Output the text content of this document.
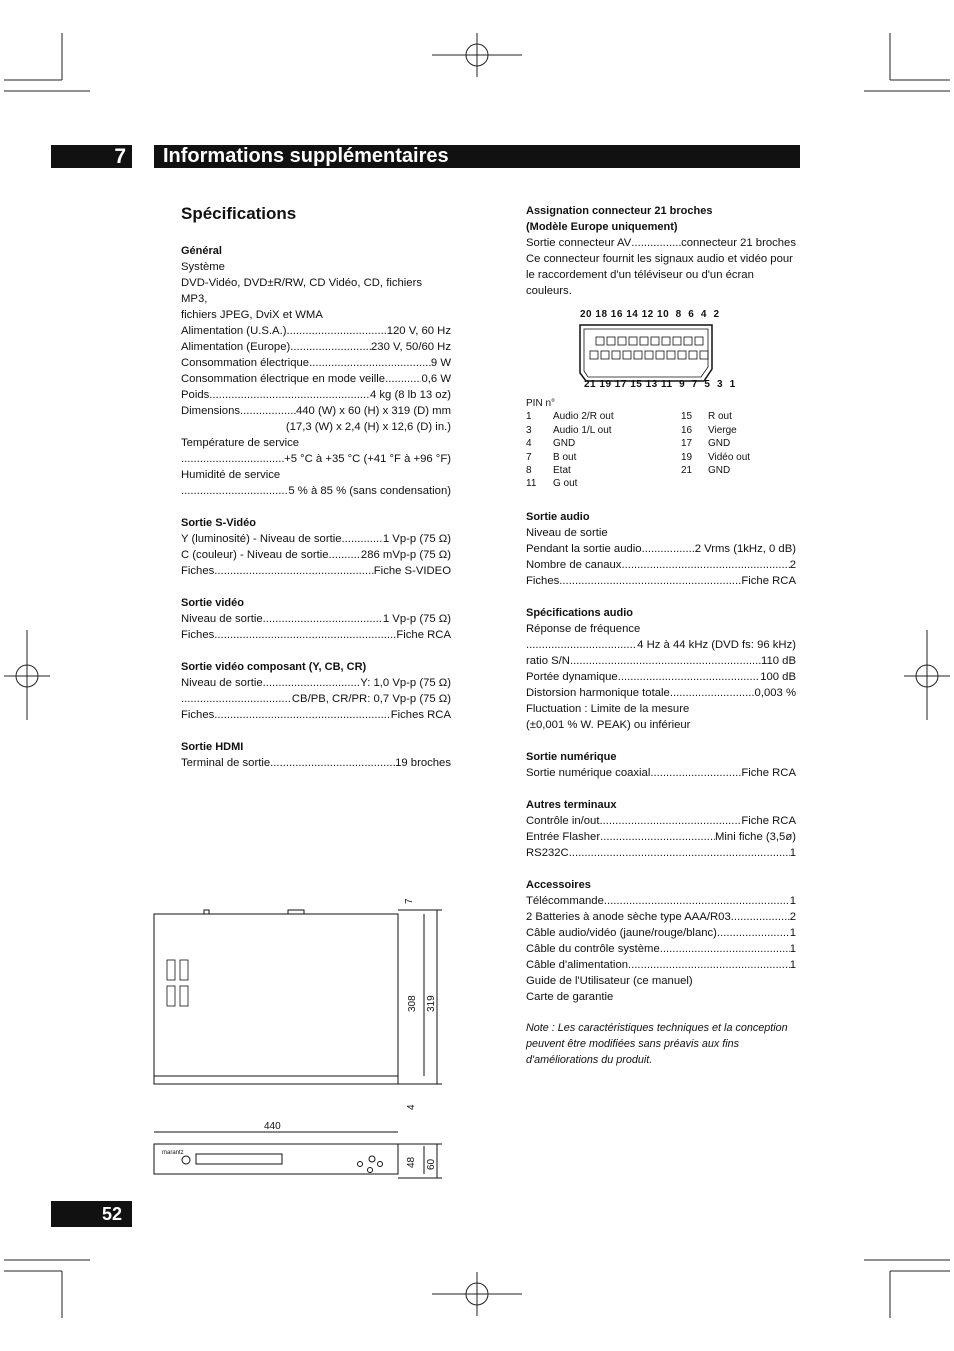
7 Informations supplémentaires
Spécifications
Général
Système
DVD-Vidéo, DVD±R/RW, CD Vidéo, CD, fichiers MP3,
fichiers JPEG, DviX et WMA
Alimentation (U.S.A.) .....	120 V, 60 Hz
Alimentation (Europe) .....	230 V, 50/60 Hz
Consommation électrique .....	9 W
Consommation électrique en mode veille .....	0,6 W
Poids .....	4 kg (8 lb 13 oz)
Dimensions .....	440 (W) x 60 (H) x 319 (D) mm
(17,3 (W) x 2,4 (H) x 12,6 (D) in.)
Température de service
.....
+5 °C à +35 °C (+41 °F à +96 °F)
Humidité de service
.....
5 % à 85 % (sans condensation)
Sortie S-Vidéo
Y (luminosité) - Niveau de sortie .....	1 Vp-p (75 Ω)
C (couleur) - Niveau de sortie .....	286 mVp-p (75 Ω)
Fiches .....	Fiche S-VIDEO
Sortie vidéo
Niveau de sortie .....	1 Vp-p (75 Ω)
Fiches .....	Fiche RCA
Sortie vidéo composant (Y, CB, CR)
Niveau de sortie .....	Y: 1,0 Vp-p (75 Ω)
.....
CB/PB, CR/PR: 0,7 Vp-p (75 Ω)
Fiches .....	Fiches RCA
Sortie HDMI
Terminal de sortie .....	19 broches
Assignation connecteur 21 broches
(Modèle Europe uniquement)
Sortie connecteur AV .....	connecteur 21 broches
Ce connecteur fournit les signaux audio et vidéo pour le raccordement d'un téléviseur ou d'un écran couleurs.
20 18 16 14 12 10  8  6  4  2
21 19 17 15 13 11  9  7  5  3  1
PIN n°
1	Audio 2/R out	15	R out
3	Audio 1/L out	16	Vierge
4	GND	17	GND
7	B out	19	Vidéo out
8	Etat	21	GND
11	G out		
Sortie audio
Niveau de sortie
Pendant la sortie audio .....	2 Vrms (1kHz, 0 dB)
Nombre de canaux .....	2
Fiches .....	Fiche RCA
Spécifications audio
Réponse de fréquence
.....
4 Hz à 44 kHz (DVD fs: 96 kHz)
ratio S/N .....	110 dB
Portée dynamique .....	100 dB
Distorsion harmonique totale .....	0,003 %
Fluctuation : Limite de la mesure
(±0,001 % W. PEAK) ou inférieur
Sortie numérique
Sortie numérique coaxial .....	Fiche RCA
Autres terminaux
Contrôle in/out .....	Fiche RCA
Entrée Flasher .....	Mini fiche (3,5ø)
RS232C .....	1
Accessoires
Télécommande .....	1
2 Batteries à anode sèche type AAA/R03 .....	2
Câble audio/vidéo (jaune/rouge/blanc) .....	1
Câble du contrôle système .....	1
Câble d'alimentation .....	1
Guide de l'Utilisateur (ce manuel)
Carte de garantie
Note : Les caractéristiques techniques et la conception peuvent être modifiées sans préavis aux fins d'améliorations du produit.
7
308 319
4
440
48 60
marantz
52
